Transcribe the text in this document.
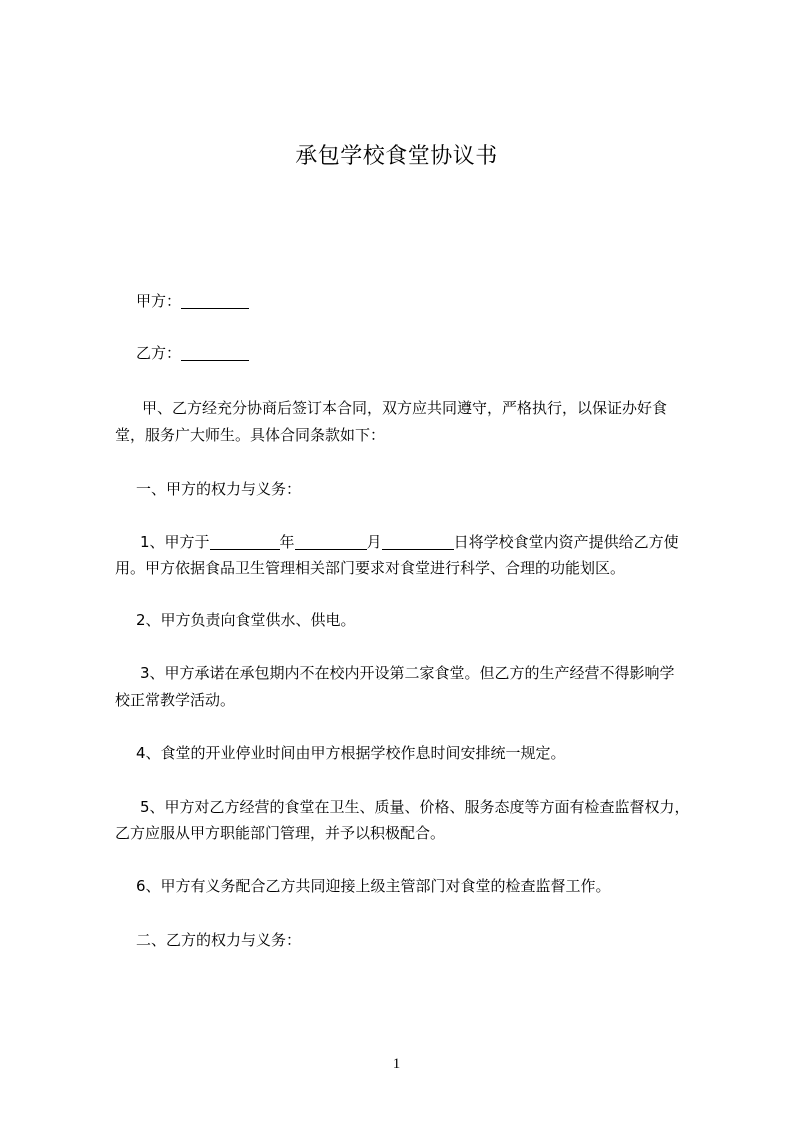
承包学校食堂协议书

甲方：

乙方：

甲、乙方经充分协商后签订本合同，双方应共同遵守，严格执行，以保证办好食

堂，服务广大师生。具体合同条款如下：

一、甲方的权力与义务：

1、甲方于	年	月	日将学校食堂内资产提供给乙方使

用。甲方依据食品卫生管理相关部门要求对食堂进行科学、合理的功能划区。

2、甲方负责向食堂供水、供电。

3、甲方承诺在承包期内不在校内开设第二家食堂。但乙方的生产经营不得影响学

校正常教学活动。

4、食堂的开业停业时间由甲方根据学校作息时间安排统一规定。

5、甲方对乙方经营的食堂在卫生、质量、价格、服务态度等方面有检查监督权力，

乙方应服从甲方职能部门管理，并予以积极配合。

6、甲方有义务配合乙方共同迎接上级主管部门对食堂的检查监督工作。

二、乙方的权力与义务：

1
